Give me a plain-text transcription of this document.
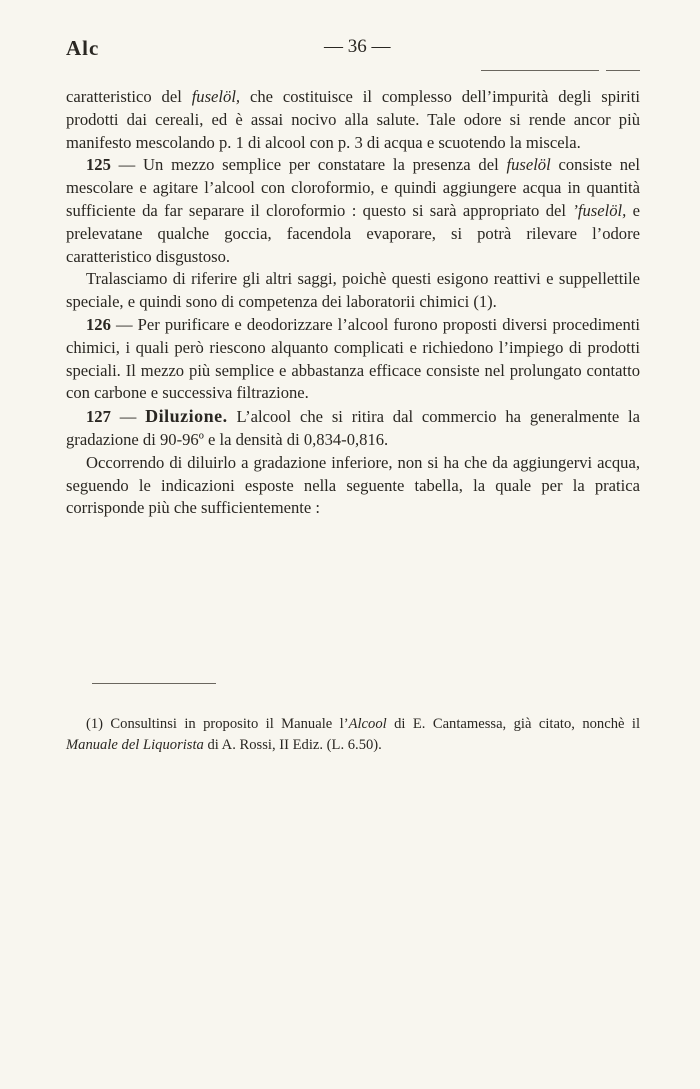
Alc	— 36 —

caratteristico del fuselöl, che costituisce il complesso dell’impurità degli spiriti prodotti dai cereali, ed è assai nocivo alla salute. Tale odore si rende ancor più manifesto mescolando p. 1 di alcool con p. 3 di acqua e scuotendo la miscela.

125 — Un mezzo semplice per constatare la presenza del fuselöl consiste nel mescolare e agitare l’alcool con cloroformio, e quindi aggiungere acqua in quantità sufficiente da far separare il cloroformio : questo si sarà appropriato del ’fuselöl, e prelevatane qualche goccia, facendola evaporare, si potrà rilevare l’odore caratteristico disgustoso.

Tralasciamo di riferire gli altri saggi, poichè questi esigono reattivi e suppellettile speciale, e quindi sono di competenza dei laboratorii chimici (1).

126 — Per purificare e deodorizzare l’alcool furono proposti diversi procedimenti chimici, i quali però riescono alquanto complicati e richiedono l’impiego di prodotti speciali. Il mezzo più semplice e abbastanza efficace consiste nel prolungato contatto con carbone e successiva filtrazione.

127 — Diluzione. L’alcool che si ritira dal commercio ha generalmente la gradazione di 90-96º e la densità di 0,834-0,816.

Occorrendo di diluirlo a gradazione inferiore, non si ha che da aggiungervi acqua, seguendo le indicazioni esposte nella seguente tabella, la quale per la pratica corrisponde più che sufficientemente :

(1) Consultinsi in proposito il Manuale l’Alcool di E. Cantamessa, già citato, nonchè il Manuale del Liquorista di A. Rossi, II Ediz. (L. 6.50).
